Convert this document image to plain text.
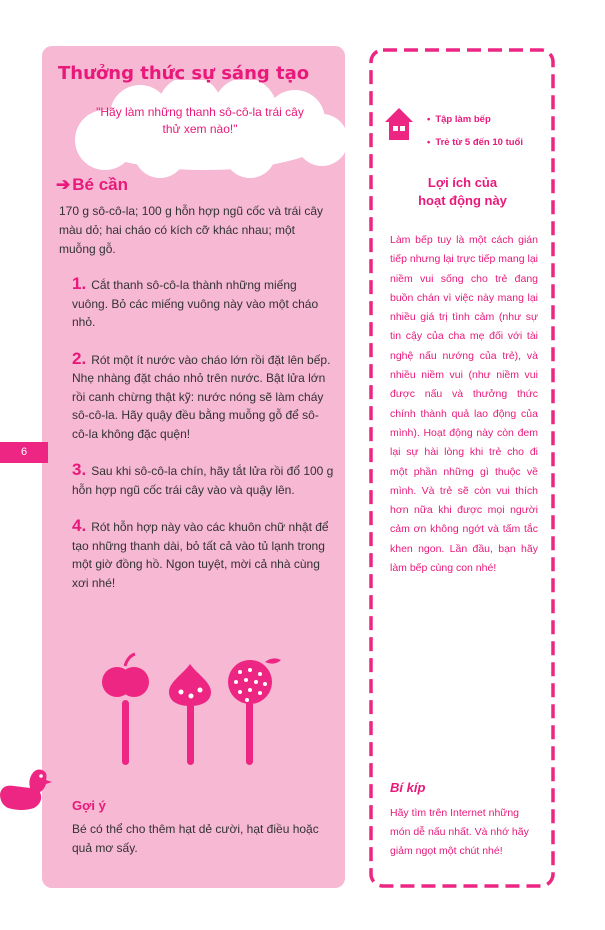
Thưởng thức sự sáng tạo

"Hãy làm những thanh sô-cô-la trái cây thử xem nào!"

➔ Bé cần

170 g sô-cô-la; 100 g hỗn hợp ngũ cốc và trái cây màu dỏ; hai cháo có kích cỡ khác nhau; một muỗng gỗ.

1. Cắt thanh sô-cô-la thành những miếng vuông. Bỏ các miếng vuông này vào một cháo nhỏ.

2. Rót một ít nước vào cháo lớn rồi đặt lên bếp. Nhẹ nhàng đặt cháo nhỏ trên nước. Bật lửa lớn rồi canh chừng thật kỹ: nước nóng sẽ làm cháy sô-cô-la. Hãy quậy đều bằng muỗng gỗ để sô-cô-la không đặc quện!

3. Sau khi sô-cô-la chín, hãy tắt lửa rồi đổ 100 g hỗn hợp ngũ cốc trái cây vào và quậy lên.

4. Rót hỗn hợp này vào các khuôn chữ nhật để tạo những thanh dài, bỏ tất cả vào tủ lạnh trong một giờ đồng hồ. Ngon tuyệt, mời cả nhà cùng xơi nhé!

6
Gợi ý

Bé có thể cho thêm hạt dẻ cười, hạt điều hoặc quả mơ sấy.

• Tập làm bếp
• Trẻ từ 5 đến 10 tuổi
Lợi ích của
hoạt động này

Làm bếp tuy là một cách gián tiếp nhưng lại trực tiếp mang lại niềm vui sống cho trẻ đang buồn chán vì việc này mang lại nhiều giá trị tình cảm (như sự tin cậy của cha mẹ đối với tài nghệ nấu nướng của trẻ), và nhiều niềm vui (như niềm vui được nấu và thưởng thức chính thành quả lao động của mình). Hoạt động này còn đem lại sự hài lòng khi trẻ cho đi một phần những gì thuộc về mình. Và trẻ sẽ còn vui thích hơn nữa khi được mọi người cảm ơn không ngớt và tấm tắc khen ngon. Lần đầu, bạn hãy làm bếp cùng con nhé!

Bí kíp

Hãy tìm trên Internet những món dễ nấu nhất. Và nhớ hãy giảm ngọt một chút nhé!
